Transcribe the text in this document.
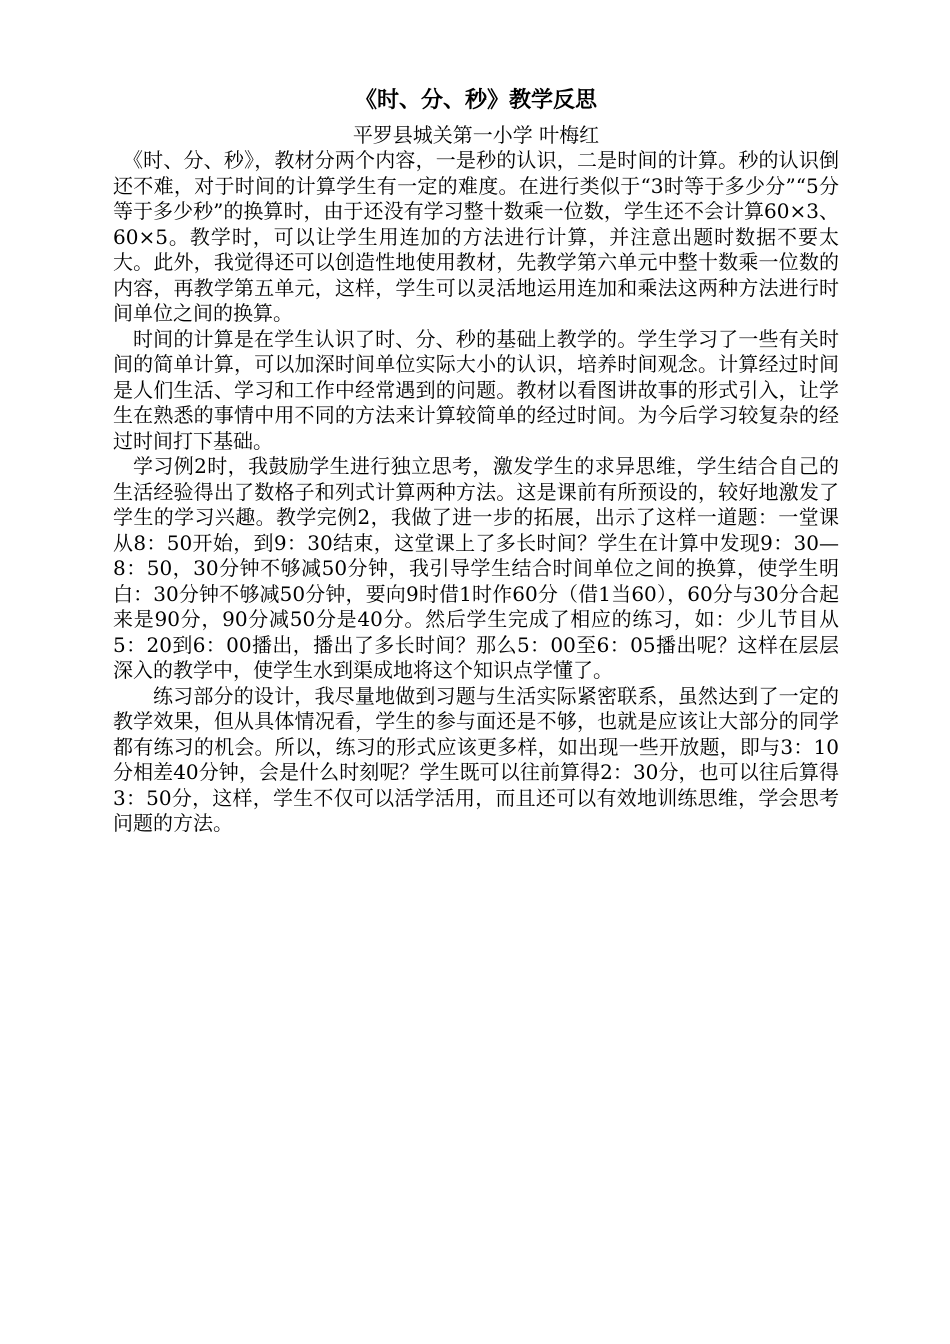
《时、分、秒》教学反思

平罗县城关第一小学 叶梅红

《时、分、秒》，教材分两个内容，一是秒的认识，二是时间的计算。秒的认识倒还不难，对于时间的计算学生有一定的难度。在进行类似于“3时等于多少分”“5分等于多少秒”的换算时，由于还没有学习整十数乘一位数，学生还不会计算60×3、60×5。教学时，可以让学生用连加的方法进行计算，并注意出题时数据不要太大。此外，我觉得还可以创造性地使用教材，先教学第六单元中整十数乘一位数的内容，再教学第五单元，这样，学生可以灵活地运用连加和乘法这两种方法进行时间单位之间的换算。

时间的计算是在学生认识了时、分、秒的基础上教学的。学生学习了一些有关时间的简单计算，可以加深时间单位实际大小的认识，培养时间观念。计算经过时间是人们生活、学习和工作中经常遇到的问题。教材以看图讲故事的形式引入，让学生在熟悉的事情中用不同的方法来计算较简单的经过时间。为今后学习较复杂的经过时间打下基础。

学习例2时，我鼓励学生进行独立思考，激发学生的求异思维，学生结合自己的生活经验得出了数格子和列式计算两种方法。这是课前有所预设的，较好地激发了学生的学习兴趣。教学完例2，我做了进一步的拓展，出示了这样一道题：一堂课从8：50开始，到9：30结束，这堂课上了多长时间？学生在计算中发现9：30—8：50，30分钟不够减50分钟，我引导学生结合时间单位之间的换算，使学生明白：30分钟不够减50分钟，要向9时借1时作60分（借1当60），60分与30分合起来是90分，90分减50分是40分。然后学生完成了相应的练习，如：少儿节目从5：20到6：00播出，播出了多长时间？那么5：00至6：05播出呢？这样在层层深入的教学中，使学生水到渠成地将这个知识点学懂了。

练习部分的设计，我尽量地做到习题与生活实际紧密联系，虽然达到了一定的教学效果，但从具体情况看，学生的参与面还是不够，也就是应该让大部分的同学都有练习的机会。所以，练习的形式应该更多样，如出现一些开放题，即与3：10分相差40分钟，会是什么时刻呢？学生既可以往前算得2：30分，也可以往后算得3：50分，这样，学生不仅可以活学活用，而且还可以有效地训练思维，学会思考问题的方法。
